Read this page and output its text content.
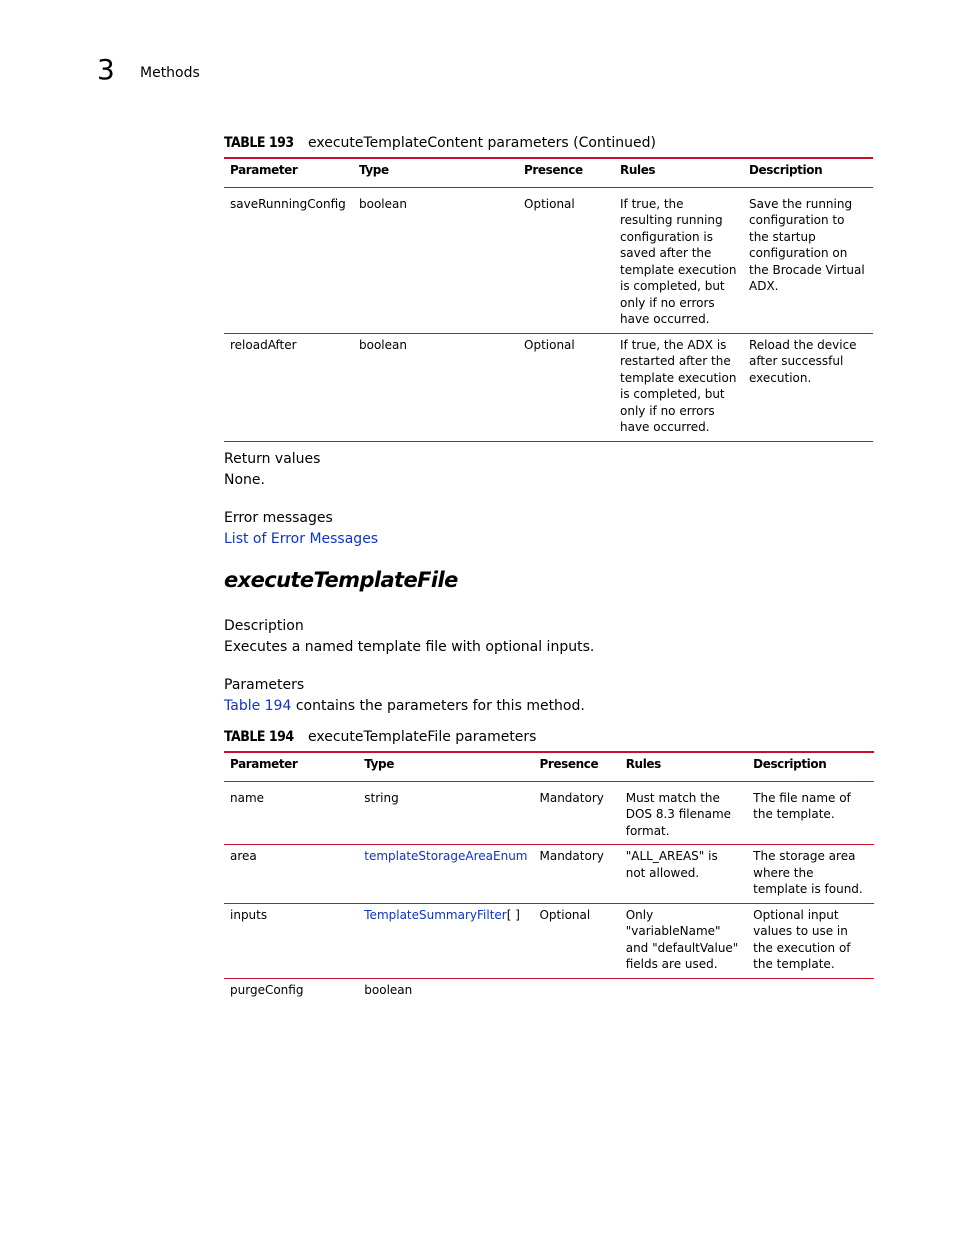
3 Methods
TABLE 193 executeTemplateContent parameters (Continued)
Parameter	Type	Presence	Rules	Description
saveRunningConfig	boolean	Optional	If true, the resulting running configuration is saved after the template execution is completed, but only if no errors have occurred.	Save the running configuration to the startup configuration on the Brocade Virtual ADX.
reloadAfter	boolean	Optional	If true, the ADX is restarted after the template execution is completed, but only if no errors have occurred.	Reload the device after successful execution.
Return values
None.
Error messages
List of Error Messages
executeTemplateFile
Description
Executes a named template file with optional inputs.
Parameters
Table 194 contains the parameters for this method.
TABLE 194 executeTemplateFile parameters
Parameter	Type	Presence	Rules	Description
name	string	Mandatory	Must match the DOS 8.3 filename format.	The file name of the template.
area	templateStorageAreaEnum	Mandatory	"ALL_AREAS" is not allowed.	The storage area where the template is found.
inputs	TemplateSummaryFilter[ ]	Optional	Only "variableName" and "defaultValue" fields are used.	Optional input values to use in the execution of the template.
purgeConfig	boolean			
